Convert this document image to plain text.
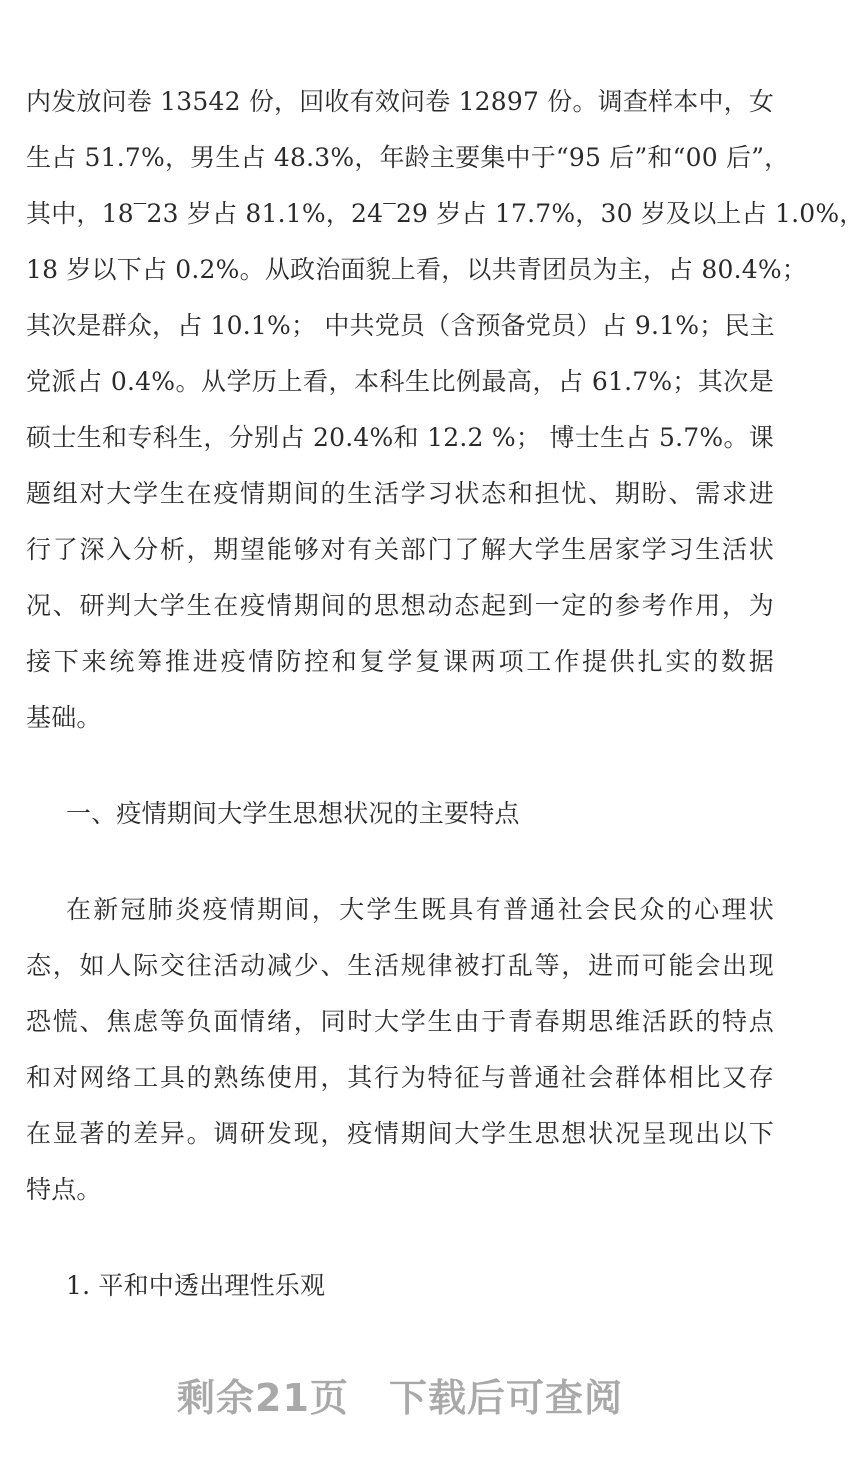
内发放问卷 13542 份，回收有效问卷 12897 份。调查样本中，女
生占 51.7%，男生占 48.3%，年龄主要集中于“95 后”和“00 后”，
其中，18‾23 岁占 81.1%，24‾29 岁占 17.7%，30 岁及以上占 1.0%，
18 岁以下占 0.2%。从政治面貌上看，以共青团员为主，占 80.4%；
其次是群众，占 10.1%； 中共党员（含预备党员）占 9.1%；民主
党派占 0.4%。从学历上看，本科生比例最高，占 61.7%；其次是
硕士生和专科生，分别占 20.4%和 12.2 %； 博士生占 5.7%。课
题组对大学生在疫情期间的生活学习状态和担忧、期盼、需求进
行了深入分析，期望能够对有关部门了解大学生居家学习生活状
况、研判大学生在疫情期间的思想动态起到一定的参考作用，为
接下来统筹推进疫情防控和复学复课两项工作提供扎实的数据
基础。
一、疫情期间大学生思想状况的主要特点
在新冠肺炎疫情期间，大学生既具有普通社会民众的心理状
态，如人际交往活动减少、生活规律被打乱等，进而可能会出现
恐慌、焦虑等负面情绪，同时大学生由于青春期思维活跃的特点
和对网络工具的熟练使用，其行为特征与普通社会群体相比又存
在显著的差异。调研发现，疫情期间大学生思想状况呈现出以下
特点。
1. 平和中透出理性乐观
剩余21页 下载后可查阅
